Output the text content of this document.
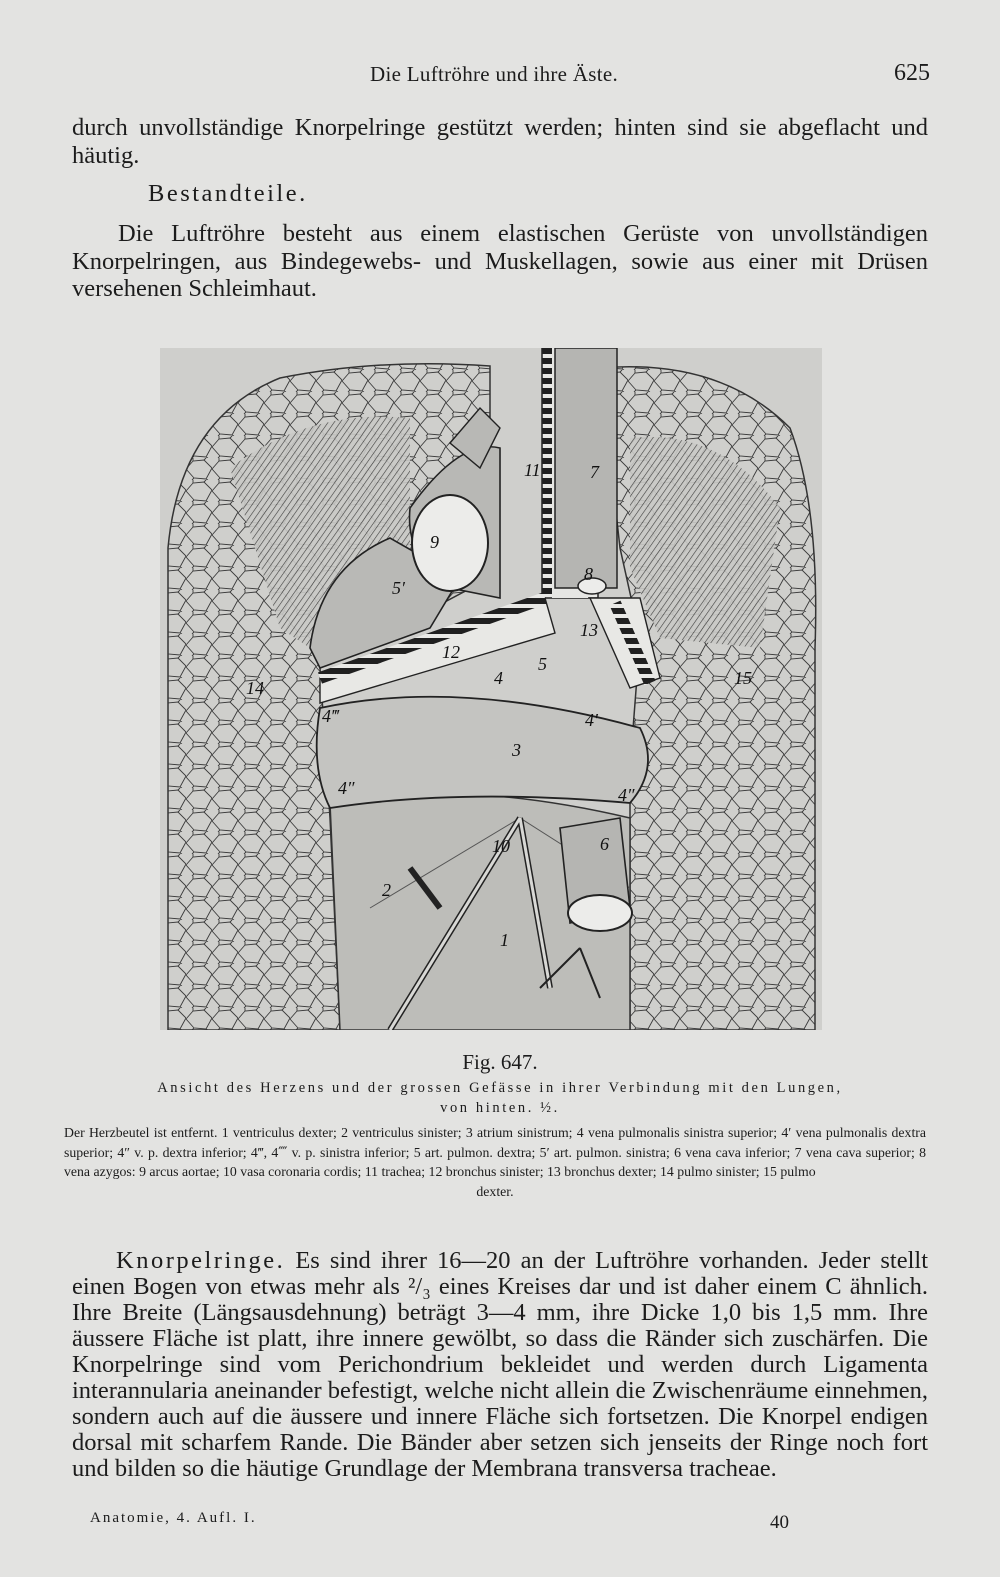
Die Luftröhre und ihre Äste.	625

durch unvollständige Knorpelringe gestützt werden; hinten sind sie abgeflacht und häutig.

Bestandteile.

Die Luftröhre besteht aus einem elastischen Gerüste von unvollständigen Knorpelringen, aus Bindegewebs- und Muskellagen, sowie aus einer mit Drüsen versehenen Schleimhaut.

1
2
3
4
4′
4″
4‴
4″
5
5′
6
7
8
9
10
11
12
13
14	15
Fig. 647.
Ansicht des Herzens und der grossen Gefässe in ihrer Verbindung mit den Lungen,
von hinten. ½.

Der Herzbeutel ist entfernt. 1 ventriculus dexter; 2 ventriculus sinister; 3 atrium sinistrum; 4 vena pulmonalis sinistra superior; 4′ vena pulmonalis dextra superior; 4″ v. p. dextra inferior; 4‴, 4⁗ v. p. sinistra inferior; 5 art. pulmon. dextra; 5′ art. pulmon. sinistra; 6 vena cava inferior; 7 vena cava superior; 8 vena azygos: 9 arcus aortae; 10 vasa coronaria cordis; 11 trachea; 12 bronchus sinister; 13 bronchus dexter; 14 pulmo sinister; 15 pulmo
dexter.

Knorpelringe. Es sind ihrer 16—20 an der Luftröhre vorhanden. Jeder stellt einen Bogen von etwas mehr als ²/₃ eines Kreises dar und ist daher einem C ähnlich. Ihre Breite (Längsausdehnung) beträgt 3—4 mm, ihre Dicke 1,0 bis 1,5 mm. Ihre äussere Fläche ist platt, ihre innere gewölbt, so dass die Ränder sich zuschärfen. Die Knorpelringe sind vom Perichondrium bekleidet und werden durch Ligamenta interannularia aneinander befestigt, welche nicht allein die Zwischenräume einnehmen, sondern auch auf die äussere und innere Fläche sich fortsetzen. Die Knorpel endigen dorsal mit scharfem Rande. Die Bänder aber setzen sich jenseits der Ringe noch fort und bilden so die häutige Grundlage der Membrana transversa tracheae.

Anatomie, 4. Aufl. I.	40
